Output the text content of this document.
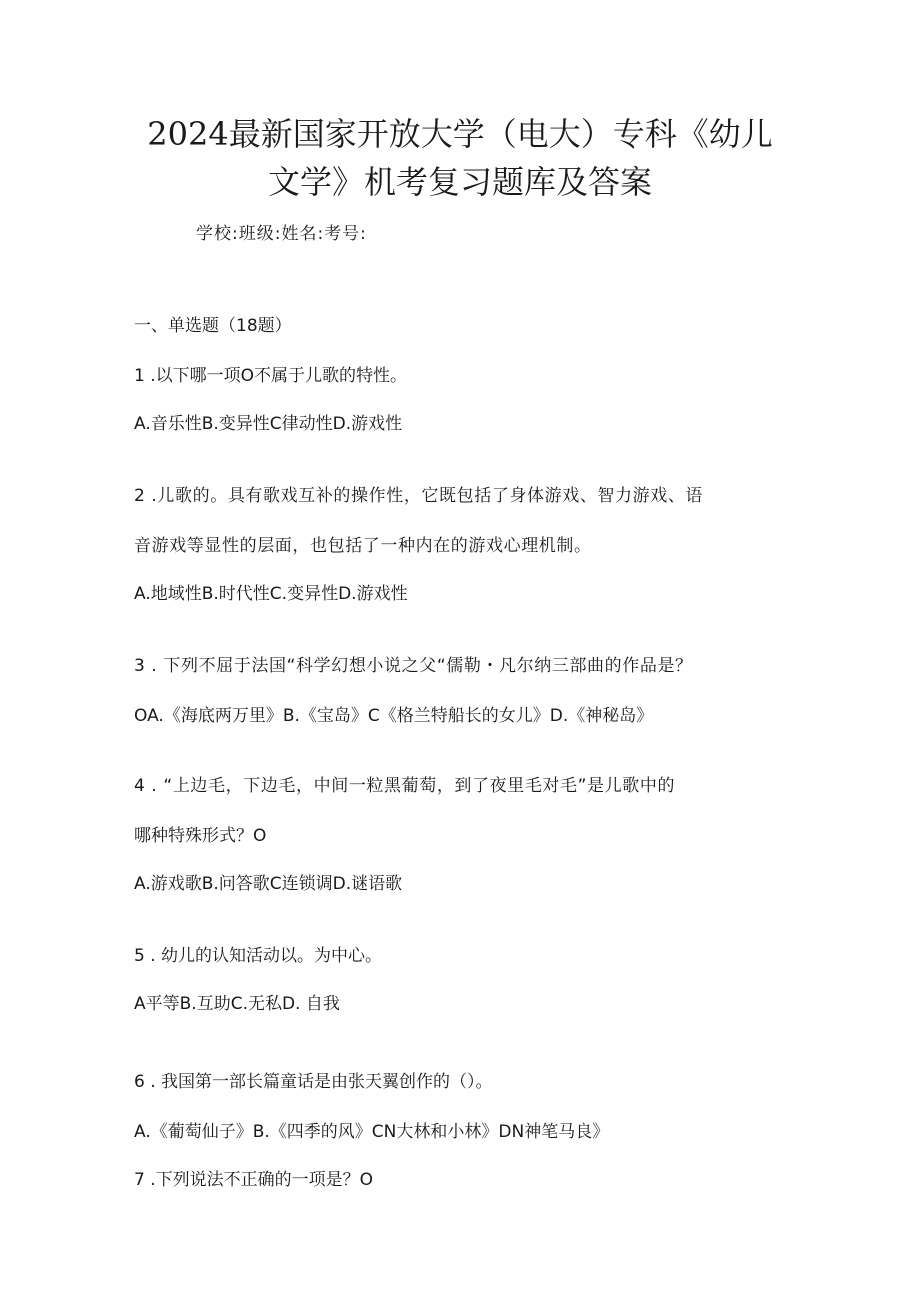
2024最新国家开放大学（电大）专科《幼儿
文学》机考复习题库及答案
学校:班级:姓名:考号:
一、单选题（18题）
1 .以下哪一项O不属于儿歌的特性。
A.音乐性B.变异性C律动性D.游戏性
2 .儿歌的。具有歌戏互补的操作性，它既包括了身体游戏、智力游戏、语
音游戏等显性的层面，也包括了一种内在的游戏心理机制。
A.地域性B.时代性C.变异性D.游戏性
3 . 下列不屈于法国“科学幻想小说之父“儒勒・凡尔纳三部曲的作品是？
OA.《海底两万里》B.《宝岛》C《格兰特船长的女儿》D.《神秘岛》
4 . “上边毛，下边毛，中间一粒黑葡萄，到了夜里毛对毛”是儿歌中的
哪种特殊形式？O
A.游戏歌B.问答歌C连锁调D.谜语歌
5 . 幼儿的认知活动以。为中心。
A平等B.互助C.无私D. 自我
6 . 我国第一部长篇童话是由张天翼创作的（）。
A.《葡萄仙子》B.《四季的风》CN大林和小林》DN神笔马良》
7 .下列说法不正确的一项是？O
